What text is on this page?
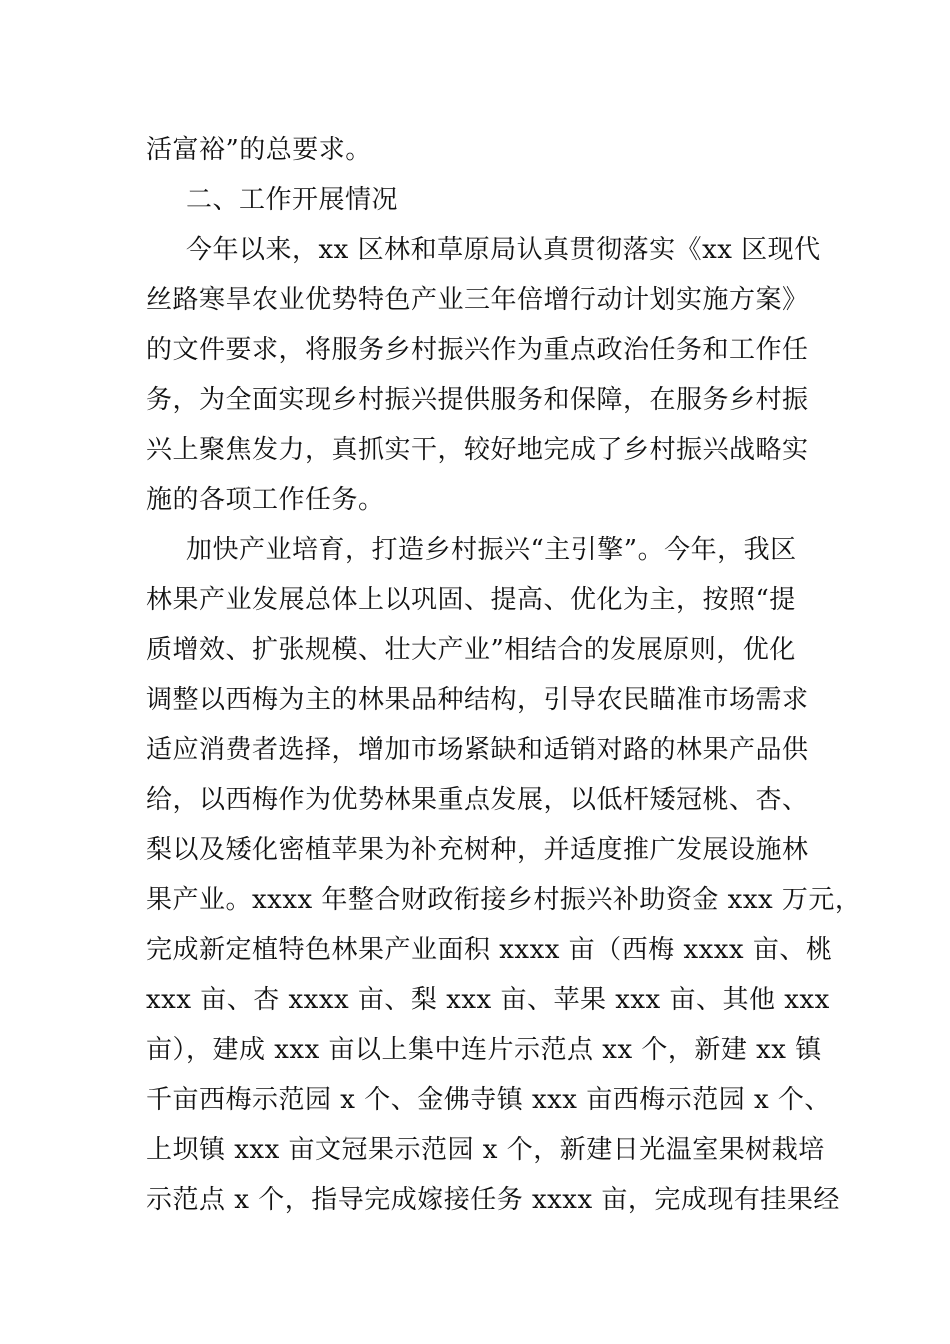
活富裕”的总要求。
二、工作开展情况
今年以来，xx 区林和草原局认真贯彻落实《xx 区现代
丝路寒旱农业优势特色产业三年倍增行动计划实施方案》
的文件要求，将服务乡村振兴作为重点政治任务和工作任
务，为全面实现乡村振兴提供服务和保障，在服务乡村振
兴上聚焦发力，真抓实干，较好地完成了乡村振兴战略实
施的各项工作任务。
加快产业培育，打造乡村振兴“主引擎”。今年，我区
林果产业发展总体上以巩固、提高、优化为主，按照“提
质增效、扩张规模、壮大产业”相结合的发展原则，优化
调整以西梅为主的林果品种结构，引导农民瞄准市场需求
适应消费者选择，增加市场紧缺和适销对路的林果产品供
给，以西梅作为优势林果重点发展，以低杆矮冠桃、杏、
梨以及矮化密植苹果为补充树种，并适度推广发展设施林
果产业。xxxx 年整合财政衔接乡村振兴补助资金 xxx 万元，
完成新定植特色林果产业面积 xxxx 亩（西梅 xxxx 亩、桃
xxx 亩、杏 xxxx 亩、梨 xxx 亩、苹果 xxx 亩、其他 xxx
亩），建成 xxx 亩以上集中连片示范点 xx 个，新建 xx 镇
千亩西梅示范园 x 个、金佛寺镇 xxx 亩西梅示范园 x 个、
上坝镇 xxx 亩文冠果示范园 x 个，新建日光温室果树栽培
示范点 x 个，指导完成嫁接任务 xxxx 亩，完成现有挂果经
